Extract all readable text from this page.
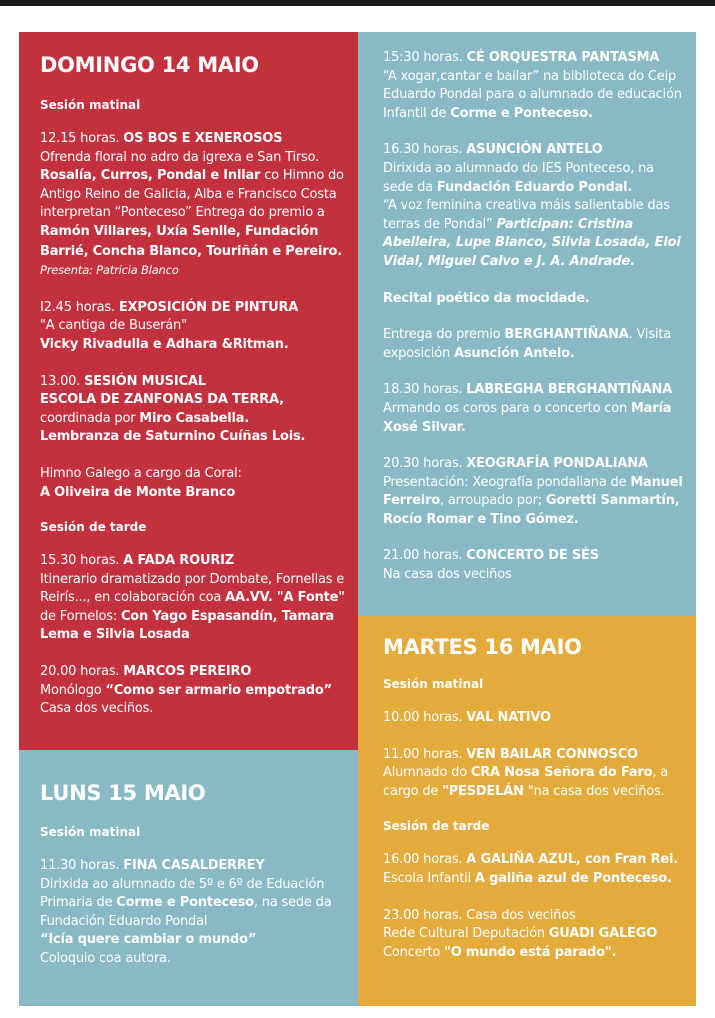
DOMINGO 14 MAIO

Sesión matinal

12.15 horas. OS BOS E XENEROSOS
Ofrenda floral no adro da igrexa e San Tirso. Rosalía, Curros, Pondal e Inllar co Himno do Antigo Reino de Galicia, Alba e Francisco Costa interpretan “Ponteceso” Entrega do premio a Ramón Villares, Uxía Senlle, Fundación Barrié, Concha Blanco, Touriñán e Pereiro. Presenta: Patricia Blanco

I2.45 horas. EXPOSICIÓN DE PINTURA
"A cantiga de Buserán"
Vicky Rivadulla e Adhara &Ritman.

13.00. SESIÓN MUSICAL
ESCOLA DE ZANFONAS DA TERRA,
coordinada por Miro Casabella.
Lembranza de Saturnino Cuíñas Lois.

Himno Galego a cargo da Coral:
A Oliveira de Monte Branco

Sesión de tarde

15.30 horas. A FADA ROURIZ
Itinerario dramatizado por Dombate, Fornellas e Reirís..., en colaboración coa AA.VV. "A Fonte" de Fornelos: Con Yago Espasandín, Tamara Lema e Silvia Losada

20.00 horas. MARCOS PEREIRO
Monólogo “Como ser armario empotrado”
Casa dos veciños.

LUNS 15 MAIO

Sesión matinal

11.30 horas. FINA CASALDERREY
Dirixida ao alumnado de 5º e 6º de Eduación Primaria de Corme e Ponteceso, na sede da Fundación Eduardo Pondal
“Icía quere cambiar o mundo”
Coloquio coa autora.

15:30 horas. CÉ ORQUESTRA PANTASMA
“A xogar,cantar e bailar” na biblioteca do Ceip Eduardo Pondal para o alumnado de educación Infantil de Corme e Ponteceso.

16.30 horas. ASUNCIÓN ANTELO
Dirixida ao alumnado do IES Ponteceso, na sede da Fundación Eduardo Pondal.
“A voz feminina creativa máis salientable das terras de Pondal” Participan: Cristina Abelleira, Lupe Blanco, Silvia Losada, Eloi Vidal, Miguel Calvo e J. A. Andrade.

Recital poético da mocidade.

Entrega do premio BERGHANTIÑANA. Visita exposición Asunción Antelo.

18.30 horas. LABREGHA BERGHANTIÑANA
Armando os coros para o concerto con María Xosé Silvar.

20.30 horas. XEOGRAFÍA PONDALIANA
Presentación: Xeografía pondaliana de Manuel Ferreiro, arroupado por; Goretti Sanmartín, Rocío Romar e Tino Gómez.

21.00 horas. CONCERTO DE SÉS
Na casa dos veciños

MARTES 16 MAIO

Sesión matinal

10.00 horas. VAL NATIVO

11.00 horas. VEN BAILAR CONNOSCO
Alumnado do CRA Nosa Señora do Faro, a cargo de "PESDELÁN "na casa dos veciños.

Sesión de tarde

16.00 horas. A GALIÑA AZUL, con Fran Rei.
Escola Infantil A galiña azul de Ponteceso.

23.00 horas. Casa dos veciños
Rede Cultural Deputación GUADI GALEGO
Concerto "O mundo está parado".
